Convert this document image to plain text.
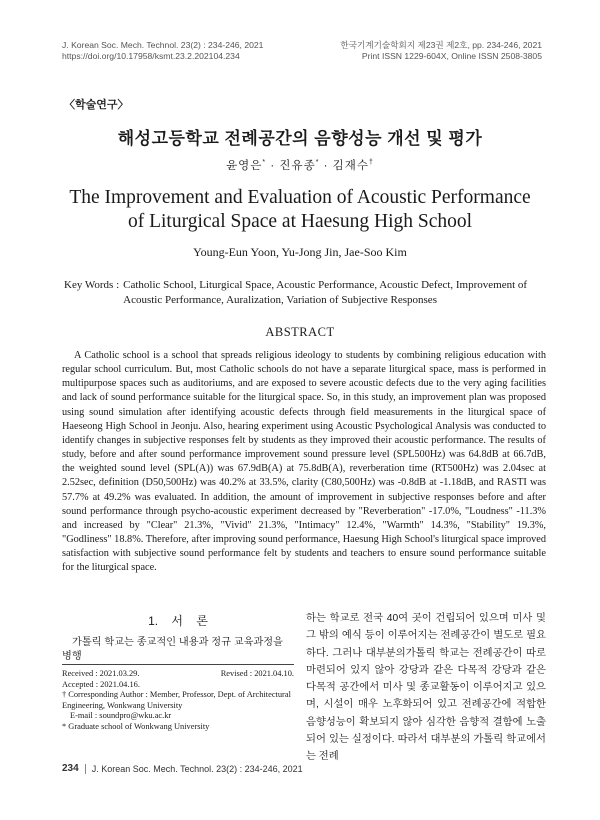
J. Korean Soc. Mech. Technol. 23(2) : 234-246, 2021	한국기계기술학회지 제23권 제2호, pp. 234-246, 2021
https://doi.org/10.17958/ksmt.23.2.202104.234	Print ISSN 1229-604X, Online ISSN 2508-3805
〈학술연구〉
해성고등학교 전례공간의 음향성능 개선 및 평가
윤영은* · 진유종* · 김재수†
The Improvement and Evaluation of Acoustic Performance
of Liturgical Space at Haesung High School
Young-Eun Yoon, Yu-Jong Jin, Jae-Soo Kim
Key Words : Catholic School, Liturgical Space, Acoustic Performance, Acoustic Defect, Improvement of Acoustic Performance, Auralization, Variation of Subjective Responses
ABSTRACT

A Catholic school is a school that spreads religious ideology to students by combining religious education with regular school curriculum. But, most Catholic schools do not have a separate liturgical space, mass is performed in multipurpose spaces such as auditoriums, and are exposed to severe acoustic defects due to the very aging facilities and lack of sound performance suitable for the liturgical space. So, in this study, an improvement plan was proposed using sound simulation after identifying acoustic defects through field measurements in the liturgical space of Haeseong High School in Jeonju. Also, hearing experiment using Acoustic Psychological Analysis was conducted to identify changes in subjective responses felt by students as they improved their acoustic performance. The results of study, before and after sound performance improvement sound pressure level (SPL500Hz) was 64.8dB at 66.7dB, the weighted sound level (SPL(A)) was 67.9dB(A) at 75.8dB(A), reverberation time (RT500Hz) was 2.04sec at 2.52sec, definition (D50,500Hz) was 40.2% at 33.5%, clarity (C80,500Hz) was -0.8dB at -1.18dB, and RASTI was 57.7% at 49.2% was evaluated. In addition, the amount of improvement in subjective responses before and after sound performance through psycho-acoustic experiment decreased by "Reverberation" -17.0%, "Loudness" -11.3% and increased by "Clear" 21.3%, "Vivid" 21.3%, "Intimacy" 12.4%, "Warmth" 14.3%, "Stability" 19.3%, "Godliness" 18.8%. Therefore, after improving sound performance, Haesung High School's liturgical space improved satisfaction with subjective sound performance felt by students and teachers to ensure sound performance suitable for the liturgical space.

1. 서 론

가톨릭 학교는 종교적인 내용과 정규 교육과정을 병행

Received : 2021.03.29.	Revised : 2021.04.10.
Accepted : 2021.04.16.
† Corresponding Author : Member, Professor, Dept. of Architectural Engineering, Wonkwang University
E-mail : soundpro@wku.ac.kr
* Graduate school of Wonkwang University

하는 학교로 전국 40여 곳이 건립되어 있으며 미사 및 그 밖의 예식 등이 이루어지는 전례공간이 별도로 필요하다. 그러나 대부분의가톨릭 학교는 전례공간이 따로 마련되어 있지 않아 강당과 같은 다목적 강당과 같은 다목적 공간에서 미사 및 종교활동이 이루어지고 있으며, 시설이 매우 노후화되어 있고 전례공간에 적합한 음향성능이 확보되지 않아 심각한 음향적 결함에 노출되어 있는 실정이다. 따라서 대부분의 가톨릭 학교에서는 전례

234 J. Korean Soc. Mech. Technol. 23(2) : 234-246, 2021
